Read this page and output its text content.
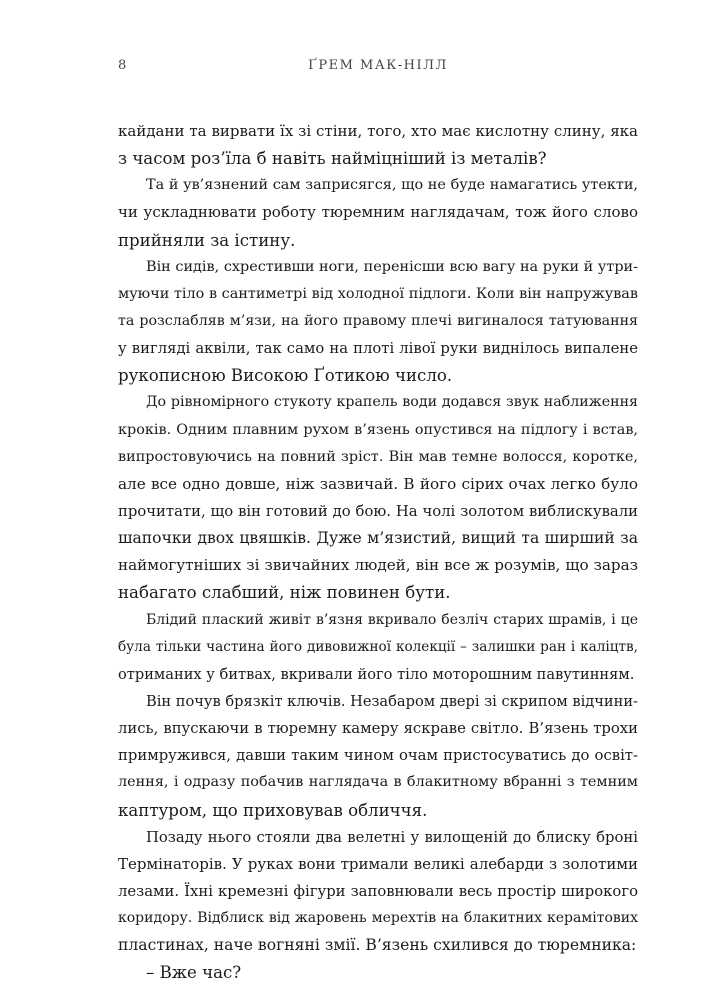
8	ҐРЕМ МАК-НІЛЛ
кайдани та вирвати їх зі стіни, того, хто має кислотну слину, яка
з часом роз’їла б навіть найміцніший із металів?
Та й ув’язнений сам заприсягся, що не буде намагатись утекти,
чи ускладнювати роботу тюремним наглядачам, тож його слово
прийняли за істину.
Він сидів, схрестивши ноги, перенісши всю вагу на руки й утри-
муючи тіло в сантиметрі від холодної підлоги. Коли він напружував
та розслабляв м’язи, на його правому плечі вигиналося татуювання
у вигляді аквіли, так само на плоті лівої руки виднілось випалене
рукописною Високою Ґотикою число.
До рівномірного стукоту крапель води додався звук наближення
кроків. Одним плавним рухом в’язень опустився на підлогу і встав,
випростовуючись на повний зріст. Він мав темне волосся, коротке,
але все одно довше, ніж зазвичай. В його сірих очах легко було
прочитати, що він готовий до бою. На чолі золотом виблискували
шапочки двох цвяшків. Дуже м’язистий, вищий та ширший за
наймогутніших зі звичайних людей, він все ж розумів, що зараз
набагато слабший, ніж повинен бути.
Блідий плаский живіт в’язня вкривало безліч старих шрамів, і це
була тільки частина його дивовижної колекції – залишки ран і каліцтв,
отриманих у битвах, вкривали його тіло моторошним павутинням.
Він почув брязкіт ключів. Незабаром двері зі скрипом відчини-
лись, впускаючи в тюремну камеру яскраве світло. В’язень трохи
примружився, давши таким чином очам пристосуватись до освіт-
лення, і одразу побачив наглядача в блакитному вбранні з темним
каптуром, що приховував обличчя.
Позаду нього стояли два велетні у вилощеній до блиску броні
Термінаторів. У руках вони тримали великі алебарди з золотими
лезами. Їхні кремезні фігури заповнювали весь простір широкого
коридору. Відблиск від жаровень мерехтів на блакитних керамітових
пластинах, наче вогняні змії. В’язень схилився до тюремника:
– Вже час?
